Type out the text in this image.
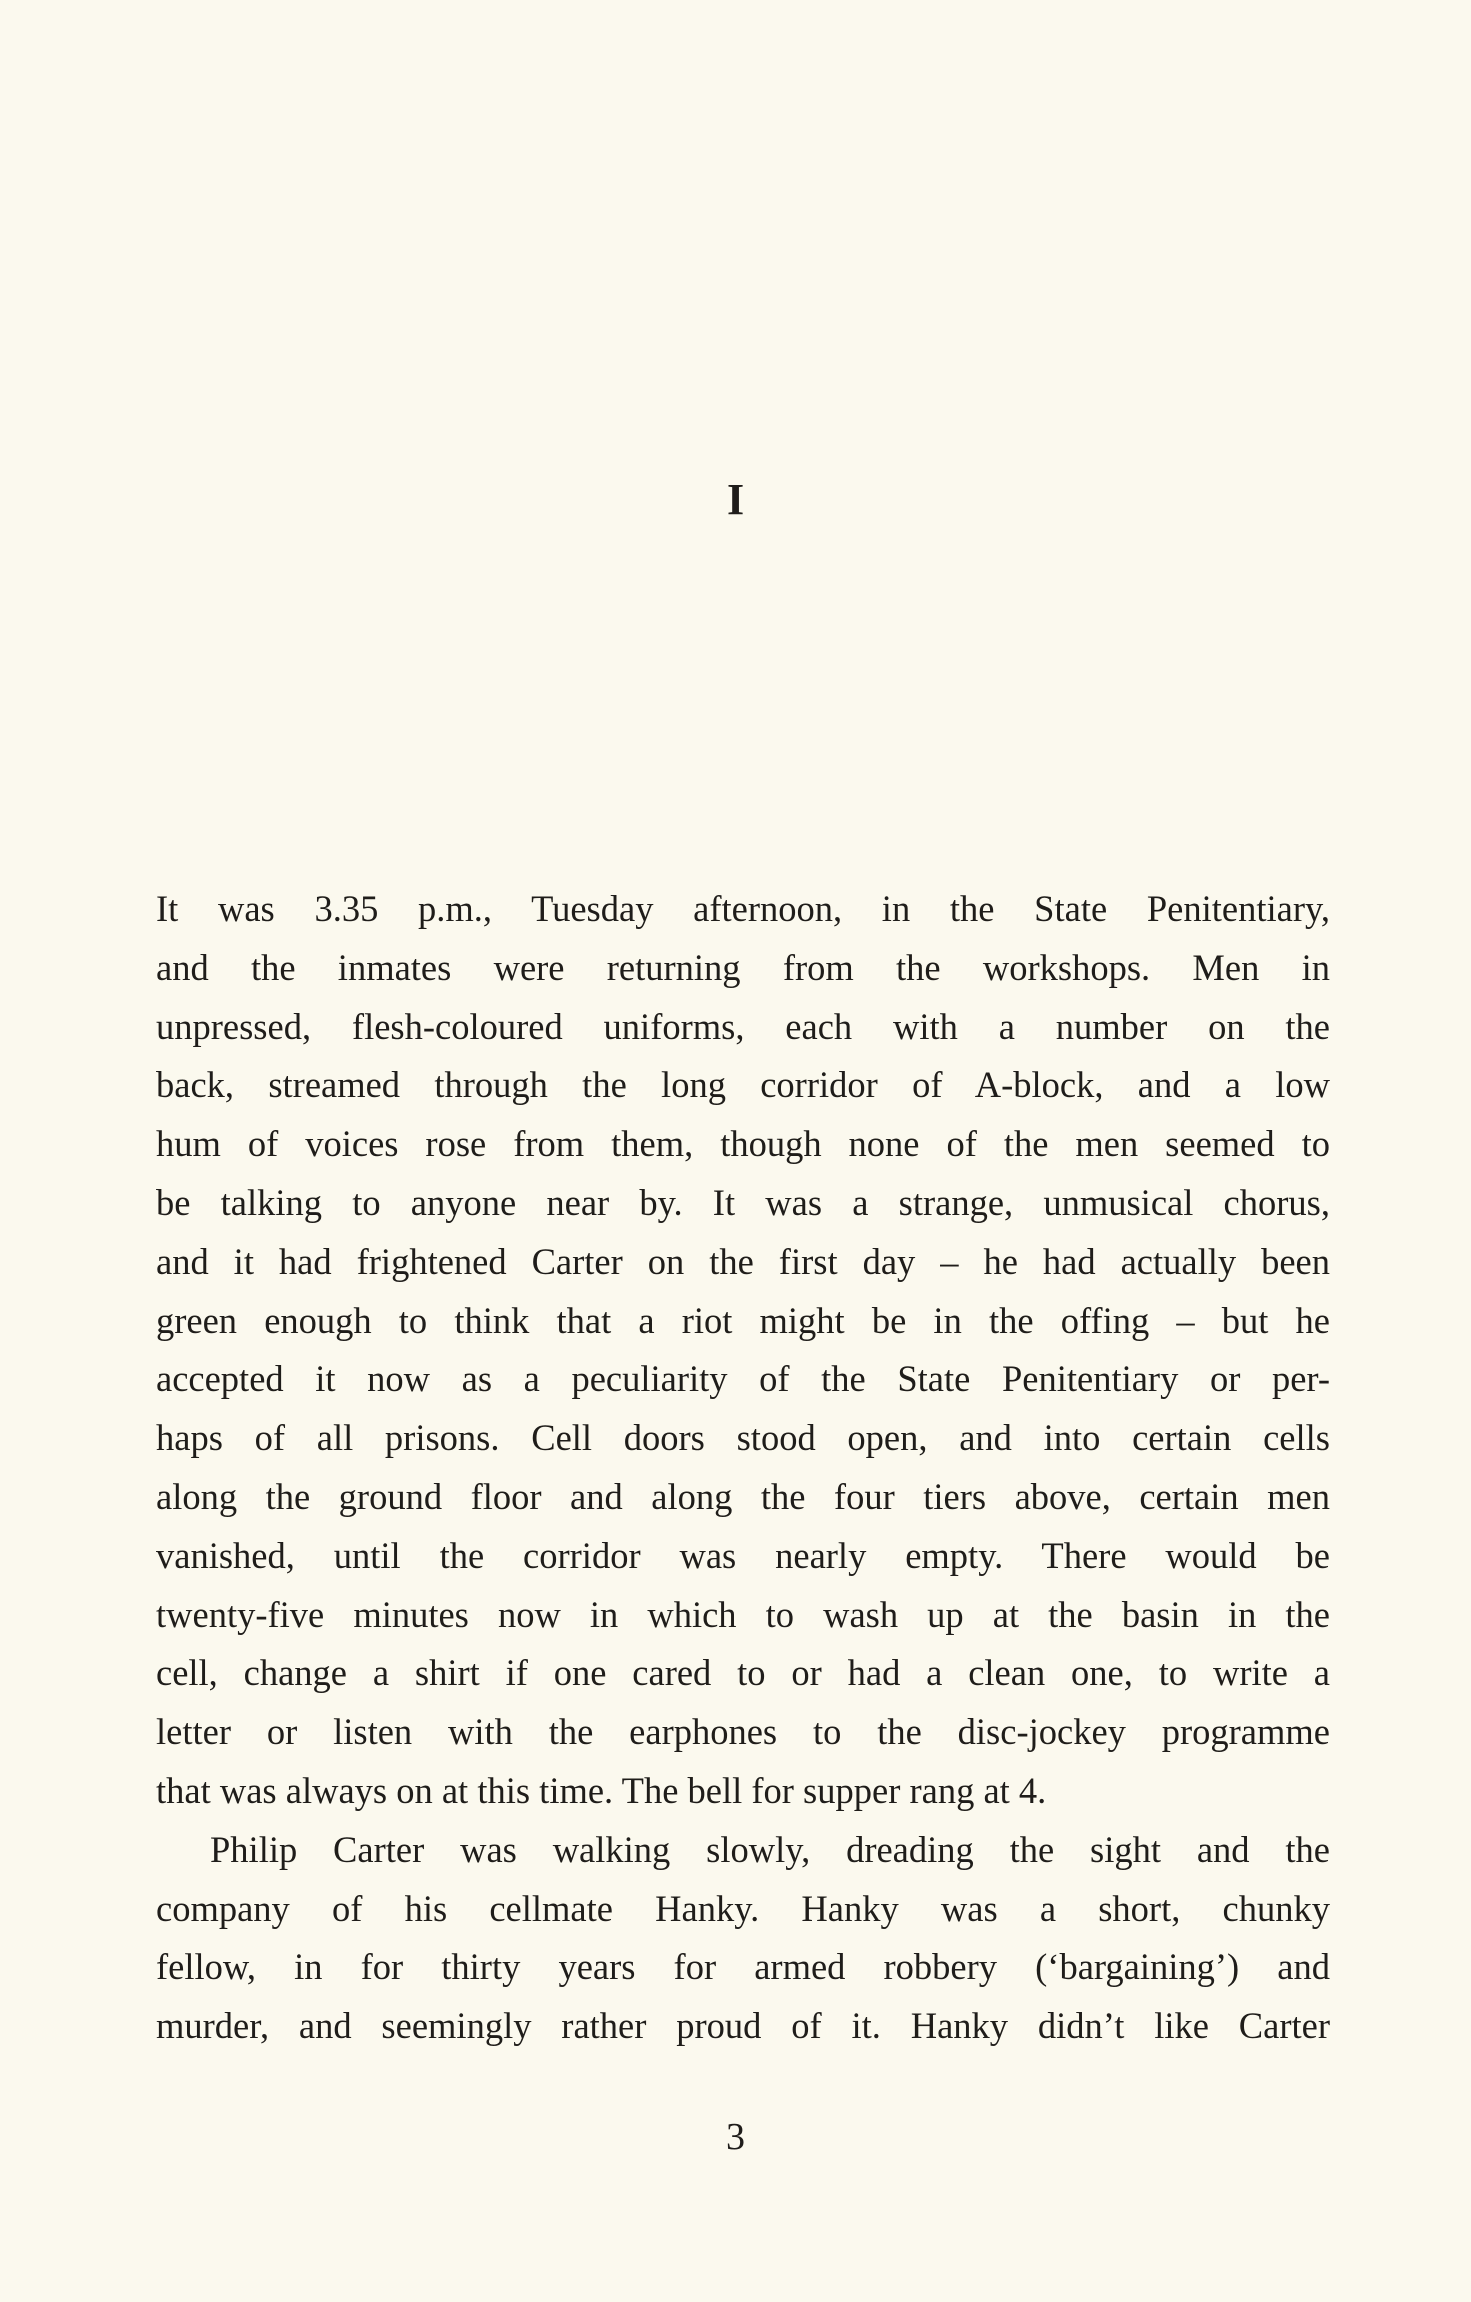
I
It was 3.35 p.m., Tuesday afternoon, in the State Penitentiary,
and the inmates were returning from the workshops. Men in
unpressed, flesh-coloured uniforms, each with a number on the
back, streamed through the long corridor of A-block, and a low
hum of voices rose from them, though none of the men seemed to
be talking to anyone near by. It was a strange, unmusical chorus,
and it had frightened Carter on the first day – he had actually been
green enough to think that a riot might be in the offing – but he
accepted it now as a peculiarity of the State Penitentiary or per-
haps of all prisons. Cell doors stood open, and into certain cells
along the ground floor and along the four tiers above, certain men
vanished, until the corridor was nearly empty. There would be
twenty-five minutes now in which to wash up at the basin in the
cell, change a shirt if one cared to or had a clean one, to write a
letter or listen with the earphones to the disc-jockey programme
that was always on at this time. The bell for supper rang at 4.
Philip Carter was walking slowly, dreading the sight and the
company of his cellmate Hanky. Hanky was a short, chunky
fellow, in for thirty years for armed robbery (‘bargaining’) and
murder, and seemingly rather proud of it. Hanky didn’t like Carter
3
